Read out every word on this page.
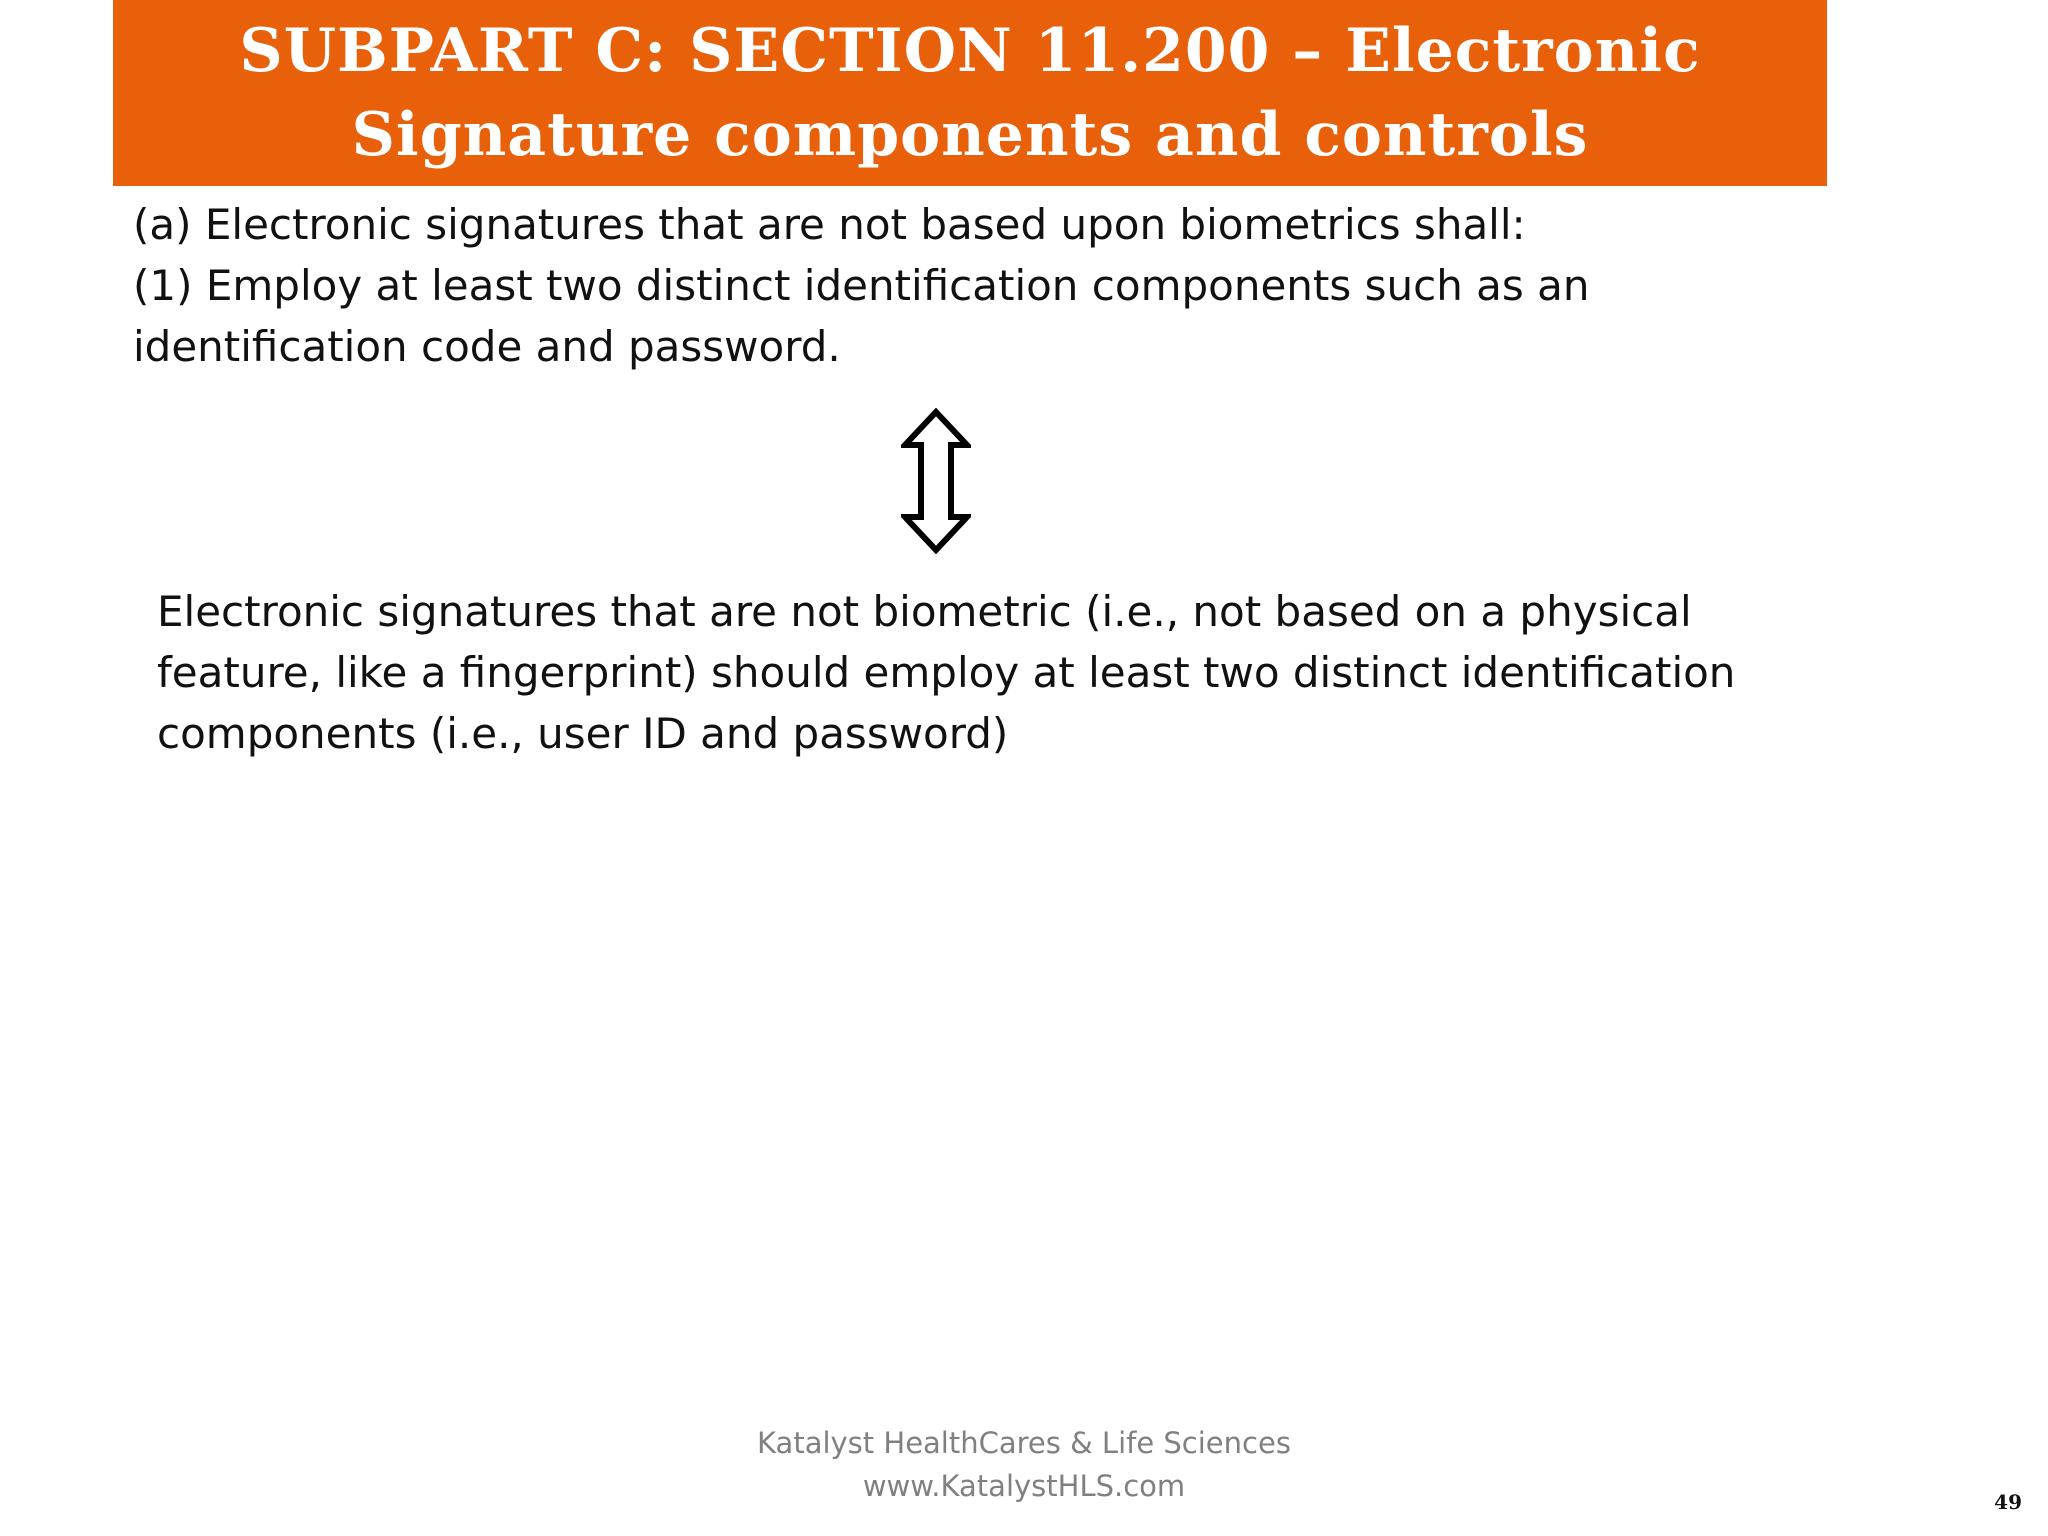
SUBPART C: SECTION 11.200 – Electronic
Signature components and controls
(a) Electronic signatures that are not based upon biometrics shall:
(1) Employ at least two distinct identification components such as an
identification code and password.
Electronic signatures that are not biometric (i.e., not based on a physical
feature, like a fingerprint) should employ at least two distinct identification
components (i.e., user ID and password)
Katalyst HealthCares & Life Sciences
www.KatalystHLS.com	49
